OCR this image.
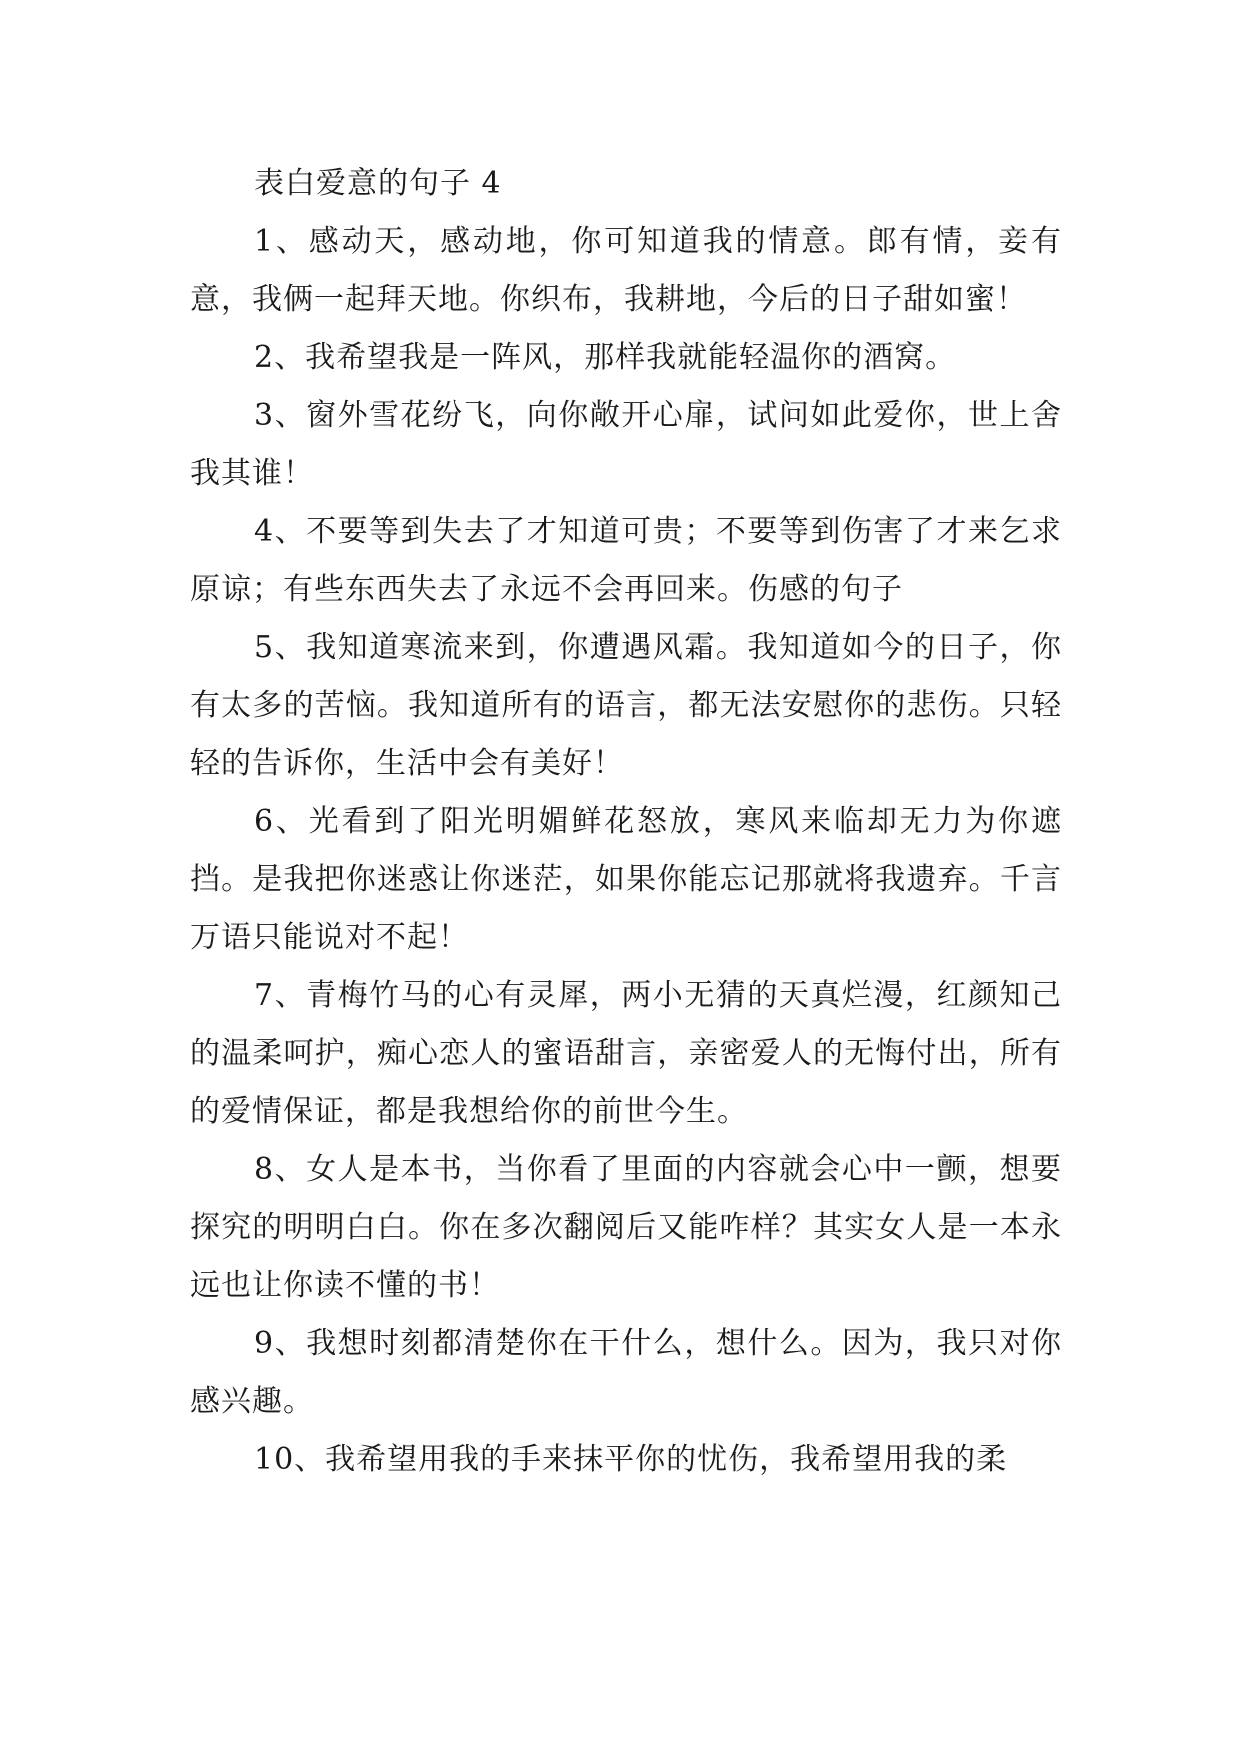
表白爱意的句子 4

1、感动天，感动地，你可知道我的情意。郎有情，妾有意，我俩一起拜天地。你织布，我耕地，今后的日子甜如蜜！

2、我希望我是一阵风，那样我就能轻温你的酒窝。

3、窗外雪花纷飞，向你敞开心扉，试问如此爱你，世上舍我其谁！

4、不要等到失去了才知道可贵；不要等到伤害了才来乞求原谅；有些东西失去了永远不会再回来。伤感的句子

5、我知道寒流来到，你遭遇风霜。我知道如今的日子，你有太多的苦恼。我知道所有的语言，都无法安慰你的悲伤。只轻轻的告诉你，生活中会有美好！

6、光看到了阳光明媚鲜花怒放，寒风来临却无力为你遮挡。是我把你迷惑让你迷茫，如果你能忘记那就将我遗弃。千言万语只能说对不起！

7、青梅竹马的心有灵犀，两小无猜的天真烂漫，红颜知己的温柔呵护，痴心恋人的蜜语甜言，亲密爱人的无悔付出，所有的爱情保证，都是我想给你的前世今生。

8、女人是本书，当你看了里面的内容就会心中一颤，想要探究的明明白白。你在多次翻阅后又能咋样？其实女人是一本永远也让你读不懂的书！

9、我想时刻都清楚你在干什么，想什么。因为，我只对你感兴趣。

10、我希望用我的手来抹平你的忧伤，我希望用我的柔
